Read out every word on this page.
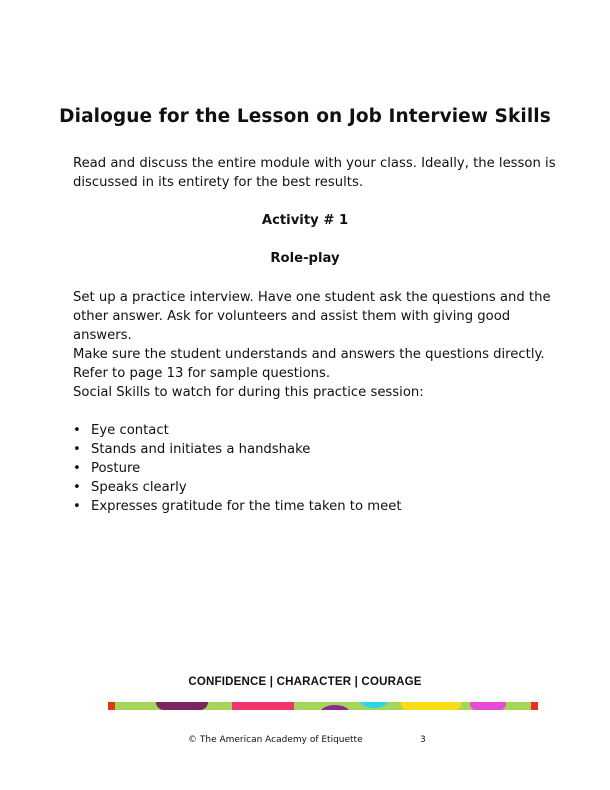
Dialogue for the Lesson on Job Interview Skills
Read and discuss the entire module with your class. Ideally, the lesson is
discussed in its entirety for the best results.
Activity # 1
Role-play
Set up a practice interview. Have one student ask the questions and the
other answer. Ask for volunteers and assist them with giving good answers.
Make sure the student understands and answers the questions directly.
Refer to page 13 for sample questions.
Social Skills to watch for during this practice session:
• Eye contact
• Stands and initiates a handshake
• Posture
• Speaks clearly
• Expresses gratitude for the time taken to meet
CONFIDENCE | CHARACTER | COURAGE
© The American Academy of Etiquette	3
